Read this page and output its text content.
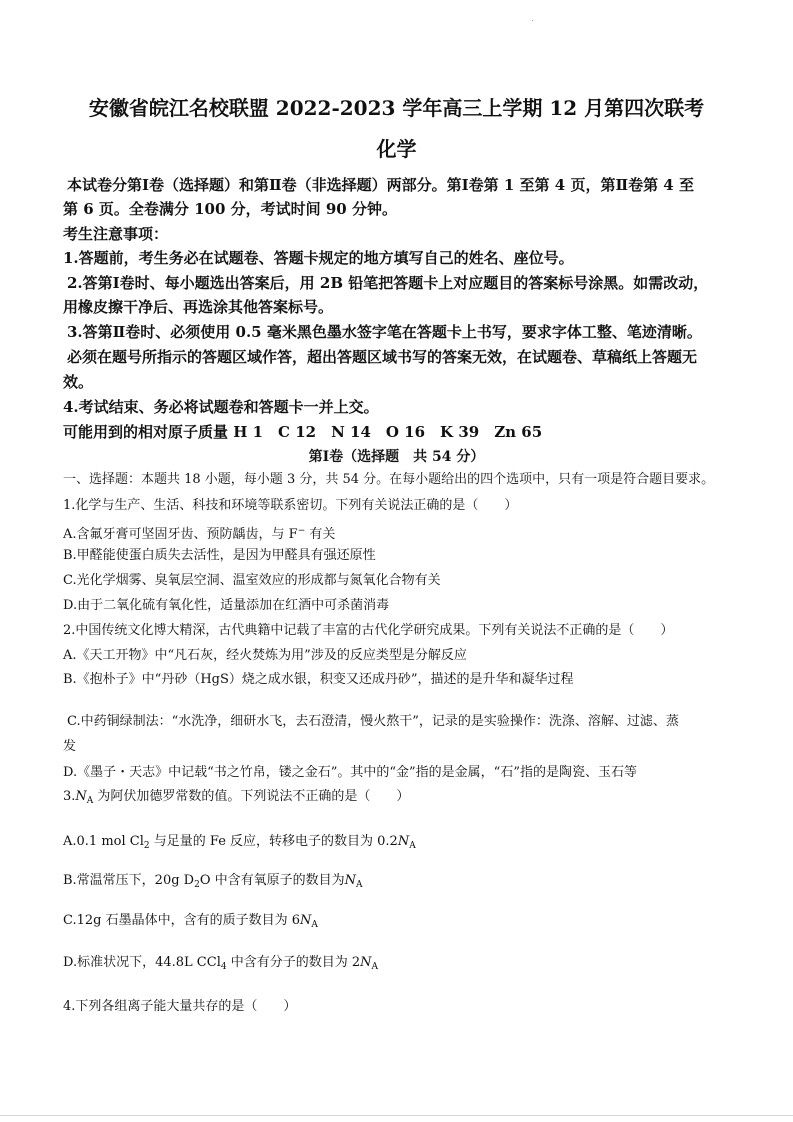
安徽省皖江名校联盟 2022-2023 学年高三上学期 12 月第四次联考
化学
本试卷分第Ⅰ卷（选择题）和第Ⅱ卷（非选择题）两部分。第Ⅰ卷第 1 至第 4 页，第Ⅱ卷第 4 至
第 6 页。全卷满分 100 分，考试时间 90 分钟。
考生注意事项：
1.答题前，考生务必在试题卷、答题卡规定的地方填写自己的姓名、座位号。
2.答第Ⅰ卷时、每小题选出答案后，用 2B 铅笔把答题卡上对应题目的答案标号涂黑。如需改动，
用橡皮擦干净后、再选涂其他答案标号。
3.答第Ⅱ卷时、必须使用 0.5 毫米黑色墨水签字笔在答题卡上书写，要求字体工整、笔迹清晰。
必须在题号所指示的答题区域作答，超出答题区域书写的答案无效，在试题卷、草稿纸上答题无
效。
4.考试结束、务必将试题卷和答题卡一并上交。
可能用到的相对原子质量 H 1　C 12　N 14　O 16　K 39　Zn 65
第Ⅰ卷（选择题　共 54 分）
一、选择题：本题共 18 小题，每小题 3 分，共 54 分。在每小题给出的四个选项中，只有一项是符合题目要求。
1.化学与生产、生活、科技和环境等联系密切。下列有关说法正确的是（　　）
A.含氟牙膏可坚固牙齿、预防龋齿，与 F− 有关
B.甲醛能使蛋白质失去活性，是因为甲醛具有强还原性
C.光化学烟雾、臭氧层空洞、温室效应的形成都与氮氧化合物有关
D.由于二氧化硫有氧化性，适量添加在红酒中可杀菌消毒
2.中国传统文化博大精深，古代典籍中记载了丰富的古代化学研究成果。下列有关说法不正确的是（　　）
A.《天工开物》中“凡石灰，经火焚炼为用”涉及的反应类型是分解反应
B.《抱朴子》中“丹砂（HgS）烧之成水银，积变又还成丹砂”，描述的是升华和凝华过程
C.中药铜绿制法：“水洗净，细研水飞，去石澄清，慢火熬干”，记录的是实验操作：洗涤、溶解、过滤、蒸
发
D.《墨子・天志》中记载“书之竹帛，镂之金石”。其中的“金”指的是金属，“石”指的是陶瓷、玉石等
$3.N_A$ 为阿伏加德罗常数的值。下列说法不正确的是（　　）
A.0.1 mol $Cl_2$ 与足量的 Fe 反应，转移电子的数目为 $0.2N_A$
B.常温常压下，20g $D_2O$ 中含有氧原子的数目为$N_A$
C.12g 石墨晶体中，含有的质子数目为 $6N_A$
D.标准状况下，44.8L CCl$_4$ 中含有分子的数目为 $2N_A$
4.下列各组离子能大量共存的是（　　）
